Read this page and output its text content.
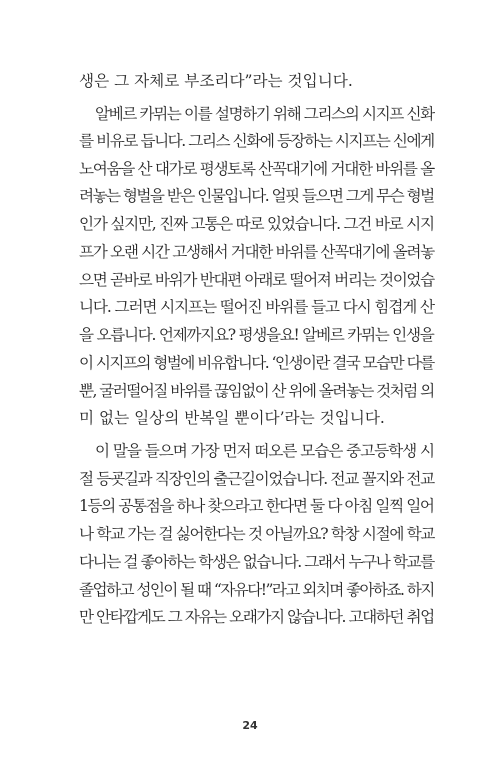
생은 그 자체로 부조리다”라는 것입니다.
알베르 카뮈는 이를 설명하기 위해 그리스의 시지프 신화
를 비유로 듭니다. 그리스 신화에 등장하는 시지프는 신에게
노여움을 산 대가로 평생토록 산꼭대기에 거대한 바위를 올
려놓는 형벌을 받은 인물입니다. 얼핏 들으면 그게 무슨 형벌
인가 싶지만, 진짜 고통은 따로 있었습니다. 그건 바로 시지
프가 오랜 시간 고생해서 거대한 바위를 산꼭대기에 올려놓
으면 곧바로 바위가 반대편 아래로 떨어져 버리는 것이었습
니다. 그러면 시지프는 떨어진 바위를 들고 다시 힘겹게 산
을 오릅니다. 언제까지요? 평생을요! 알베르 카뮈는 인생을
이 시지프의 형벌에 비유합니다. ‘인생이란 결국 모습만 다를
뿐, 굴러떨어질 바위를 끊임없이 산 위에 올려놓는 것처럼 의
미 없는 일상의 반복일 뿐이다’라는 것입니다.
이 말을 들으며 가장 먼저 떠오른 모습은 중고등학생 시
절 등굣길과 직장인의 출근길이었습니다. 전교 꼴지와 전교
1등의 공통점을 하나 찾으라고 한다면 둘 다 아침 일찍 일어
나 학교 가는 걸 싫어한다는 것 아닐까요? 학창 시절에 학교
다니는 걸 좋아하는 학생은 없습니다. 그래서 누구나 학교를
졸업하고 성인이 될 때 “자유다!”라고 외치며 좋아하죠. 하지
만 안타깝게도 그 자유는 오래가지 않습니다. 고대하던 취업
24
